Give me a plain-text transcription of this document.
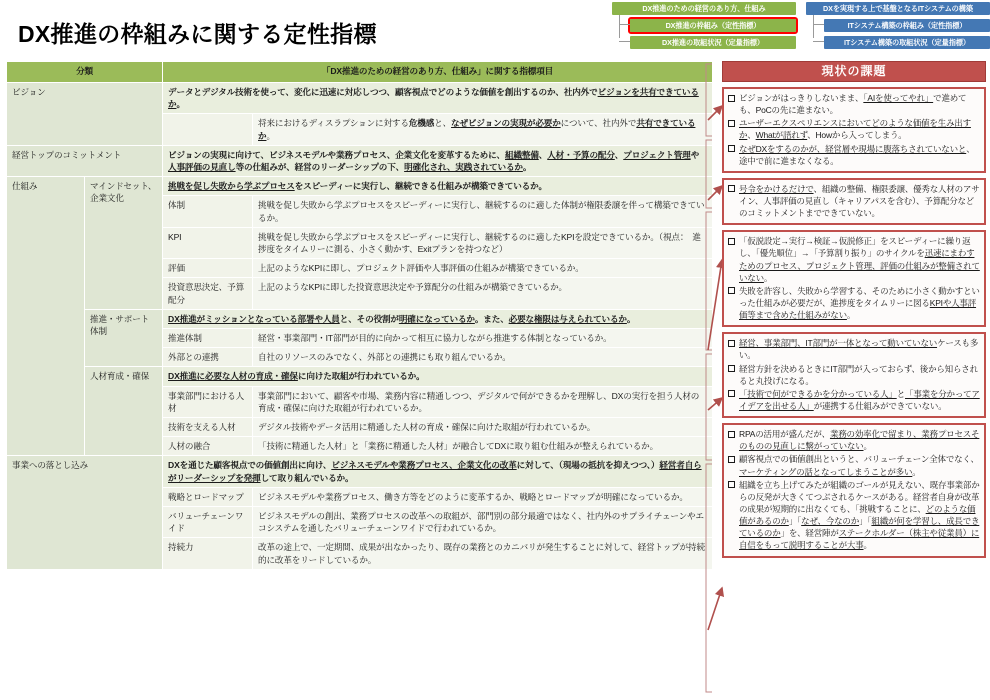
DX推進のための経営のあり方、仕組み
DX推進の枠組み（定性指標）
DX推進の取組状況（定量指標）
DXを実現する上で基盤となるITシステムの構築
ITシステム構築の枠組み（定性指標）
ITシステム構築の取組状況（定量指標）
DX推進の枠組みに関する定性指標
分類		「DX推進のための経営のあり方、仕組み」に関する指標項目	
ビジョン		データとデジタル技術を使って、変化に迅速に対応しつつ、顧客視点でどのような価値を創出するのか、社内外でビジョンを共有できているか。	
			将来におけるディスラプションに対する危機感と、なぜビジョンの実現が必要かについて、社内外で共有できているか。
経営トップのコミットメント		ビジョンの実現に向けて、ビジネスモデルや業務プロセス、企業文化を変革するために、組織整備、人材・予算の配分、プロジェクト管理や人事評価の見直し等の仕組みが、経営のリーダーシップの下、明確化され、実践されているか。	
仕組み	マインドセット、企業文化	挑戦を促し失敗から学ぶプロセスをスピーディーに実行し、継続できる仕組みが構築できているか。	
		体制	挑戦を促し失敗から学ぶプロセスをスピーディーに実行し、継続するのに適した体制が権限委譲を伴って構築できているか。
		KPI	挑戦を促し失敗から学ぶプロセスをスピーディーに実行し、継続するのに適したKPIを設定できているか。（視点：　進捗度をタイムリーに測る、小さく動かす、Exitプランを持つなど）
		評価	上記のようなKPIに即し、プロジェクト評価や人事評価の仕組みが構築できているか。
		投資意思決定、予算配分	上記のようなKPIに即した投資意思決定や予算配分の仕組みが構築できているか。
	推進・サポート体制	DX推進がミッションとなっている部署や人員と、その役割が明確になっているか。また、必要な権限は与えられているか。	
		推進体制	経営・事業部門・IT部門が目的に向かって相互に協力しながら推進する体制となっているか。
		外部との連携	自社のリソースのみでなく、外部との連携にも取り組んでいるか。
	人材育成・確保	DX推進に必要な人材の育成・確保に向けた取組が行われているか。	
		事業部門における人材	事業部門において、顧客や市場、業務内容に精通しつつ、デジタルで何ができるかを理解し、DXの実行を担う人材の育成・確保に向けた取組が行われているか。
		技術を支える人材	デジタル技術やデータ活用に精通した人材の育成・確保に向けた取組が行われているか。
		人材の融合	「技術に精通した人材」と「業務に精通した人材」が融合してDXに取り組む仕組みが整えられているか。
事業への落とし込み		DXを通じた顧客視点での価値創出に向け、ビジネスモデルや業務プロセス、企業文化の改革に対して、（現場の抵抗を抑えつつ、）経営者自らがリーダーシップを発揮して取り組んでいるか。	
		戦略とロードマップ	ビジネスモデルや業務プロセス、働き方等をどのように変革するか、戦略とロードマップが明確になっているか。
		バリューチェーンワイド	ビジネスモデルの創出、業務プロセスの改革への取組が、部門別の部分最適ではなく、社内外のサプライチェーンやエコシステムを通したバリューチェーンワイドで行われているか。
		持続力	改革の途上で、一定期間、成果が出なかったり、既存の業務とのカニバリが発生することに対して、経営トップが持続的に改革をリードしているか。
現状の課題
ビジョンがはっきりしないまま、「AIを使ってやれ」で進めても、PoCの先に進まない。
ユーザーエクスペリエンスにおいてどのような価値を生み出すか、Whatが語れず、Howから入ってしまう。
なぜDXをするのかが、経営層や現場に腹落ちされていないと、途中で前に進まなくなる。
号令をかけるだけで、組織の整備、権限委譲、優秀な人材のアサイン、人事評価の見直し（キャリアパスを含む）、予算配分などのコミットメントまでできていない。
「仮説設定→実行→検証→仮説修正」をスピーディーに繰り返し、「優先順位」→「予算割り振り」のサイクルを迅速にまわすためのプロセス、プロジェクト管理、評価の仕組みが整備されていない。
失敗を許容し、失敗から学習する、そのために小さく動かすといった仕組みが必要だが、進捗度をタイムリーに図るKPIや人事評価等まで含めた仕組みがない。
経営、事業部門、IT部門が一体となって動いていないケースも多い。
経営方針を決めるときにIT部門が入っておらず、後から知らされると丸投げになる。
「技術で何ができるかを分かっている人」と「事業を分かってアイデアを出せる人」が連携する仕組みができていない。
RPAの活用が盛んだが、業務の効率化で留まり、業務プロセスそのものの見直しに繋がっていない。
顧客視点での価値創出というと、バリューチェーン全体でなく、マーケティングの話となってしまうことが多い。
組織を立ち上げてみたが組織のゴールが見えない、既存事業部からの反発が大きくてつぶされるケースがある。経営者自身が改革の成果が短期的に出なくても、「挑戦することに、どのような価値があるのか」「なぜ、今なのか」「組織が何を学習し、成長できているのか」を、経営陣がステークホルダー（株主や従業員）に自信をもって説明することが大事。
